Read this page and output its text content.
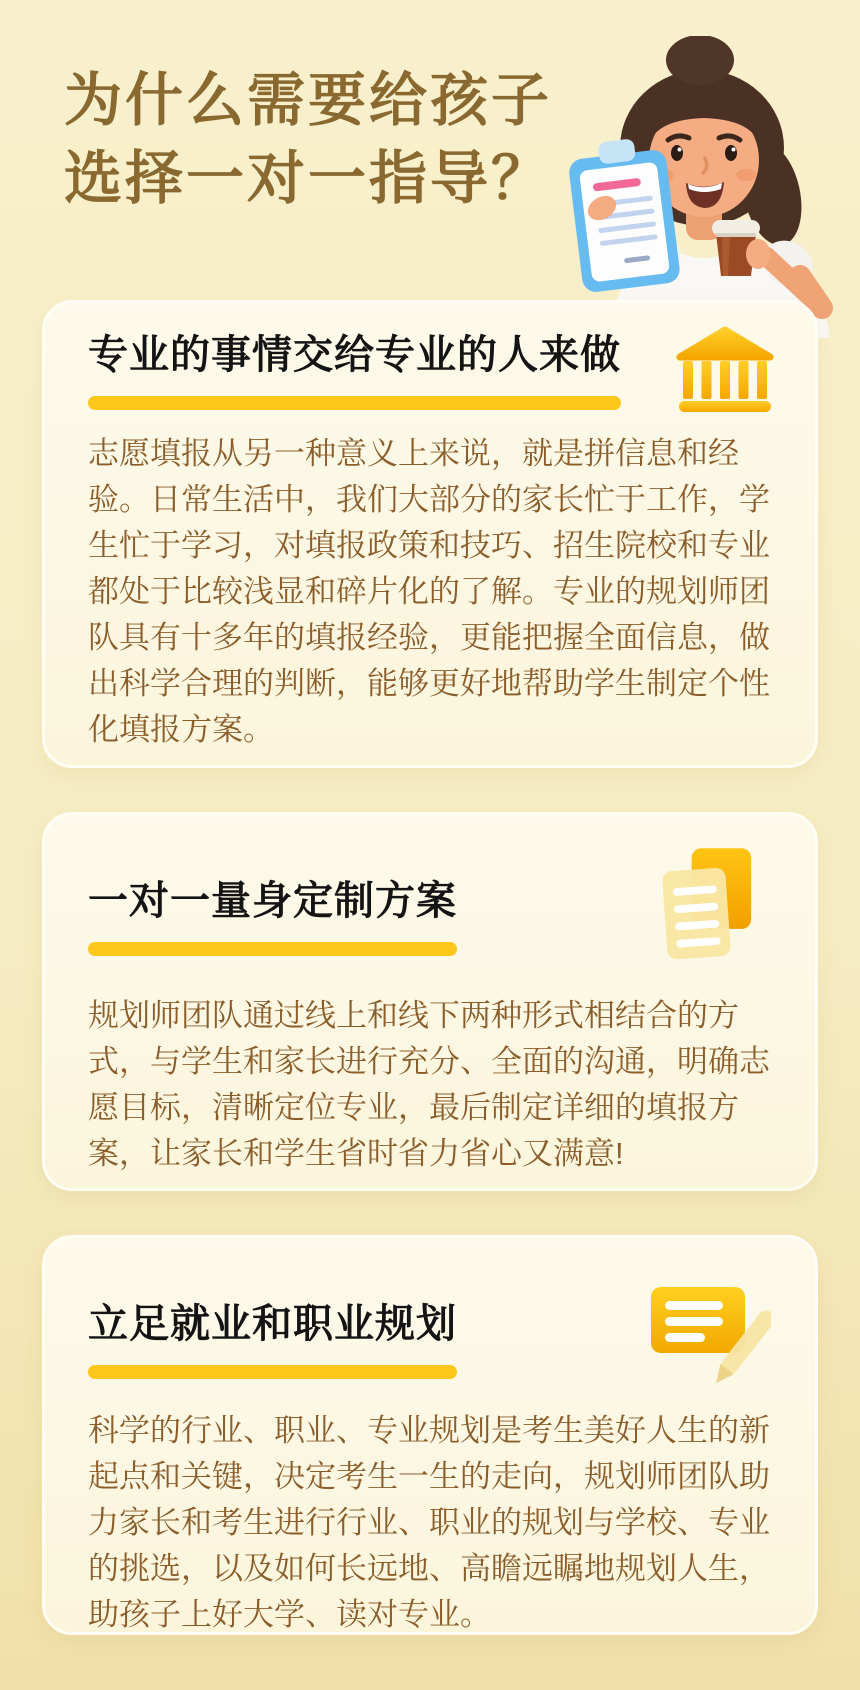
为什么需要给孩子
选择一对一指导？
专业的事情交给专业的人来做

志愿填报从另一种意义上来说，就是拼信息和经验。日常生活中，我们大部分的家长忙于工作，学生忙于学习，对填报政策和技巧、招生院校和专业都处于比较浅显和碎片化的了解。专业的规划师团队具有十多年的填报经验，更能把握全面信息，做出科学合理的判断，能够更好地帮助学生制定个性化填报方案。

一对一量身定制方案

规划师团队通过线上和线下两种形式相结合的方式，与学生和家长进行充分、全面的沟通，明确志愿目标，清晰定位专业，最后制定详细的填报方案，让家长和学生省时省力省心又满意!

立足就业和职业规划

科学的行业、职业、专业规划是考生美好人生的新起点和关键，决定考生一生的走向，规划师团队助力家长和考生进行行业、职业的规划与学校、专业的挑选，以及如何长远地、高瞻远瞩地规划人生，助孩子上好大学、读对专业。
